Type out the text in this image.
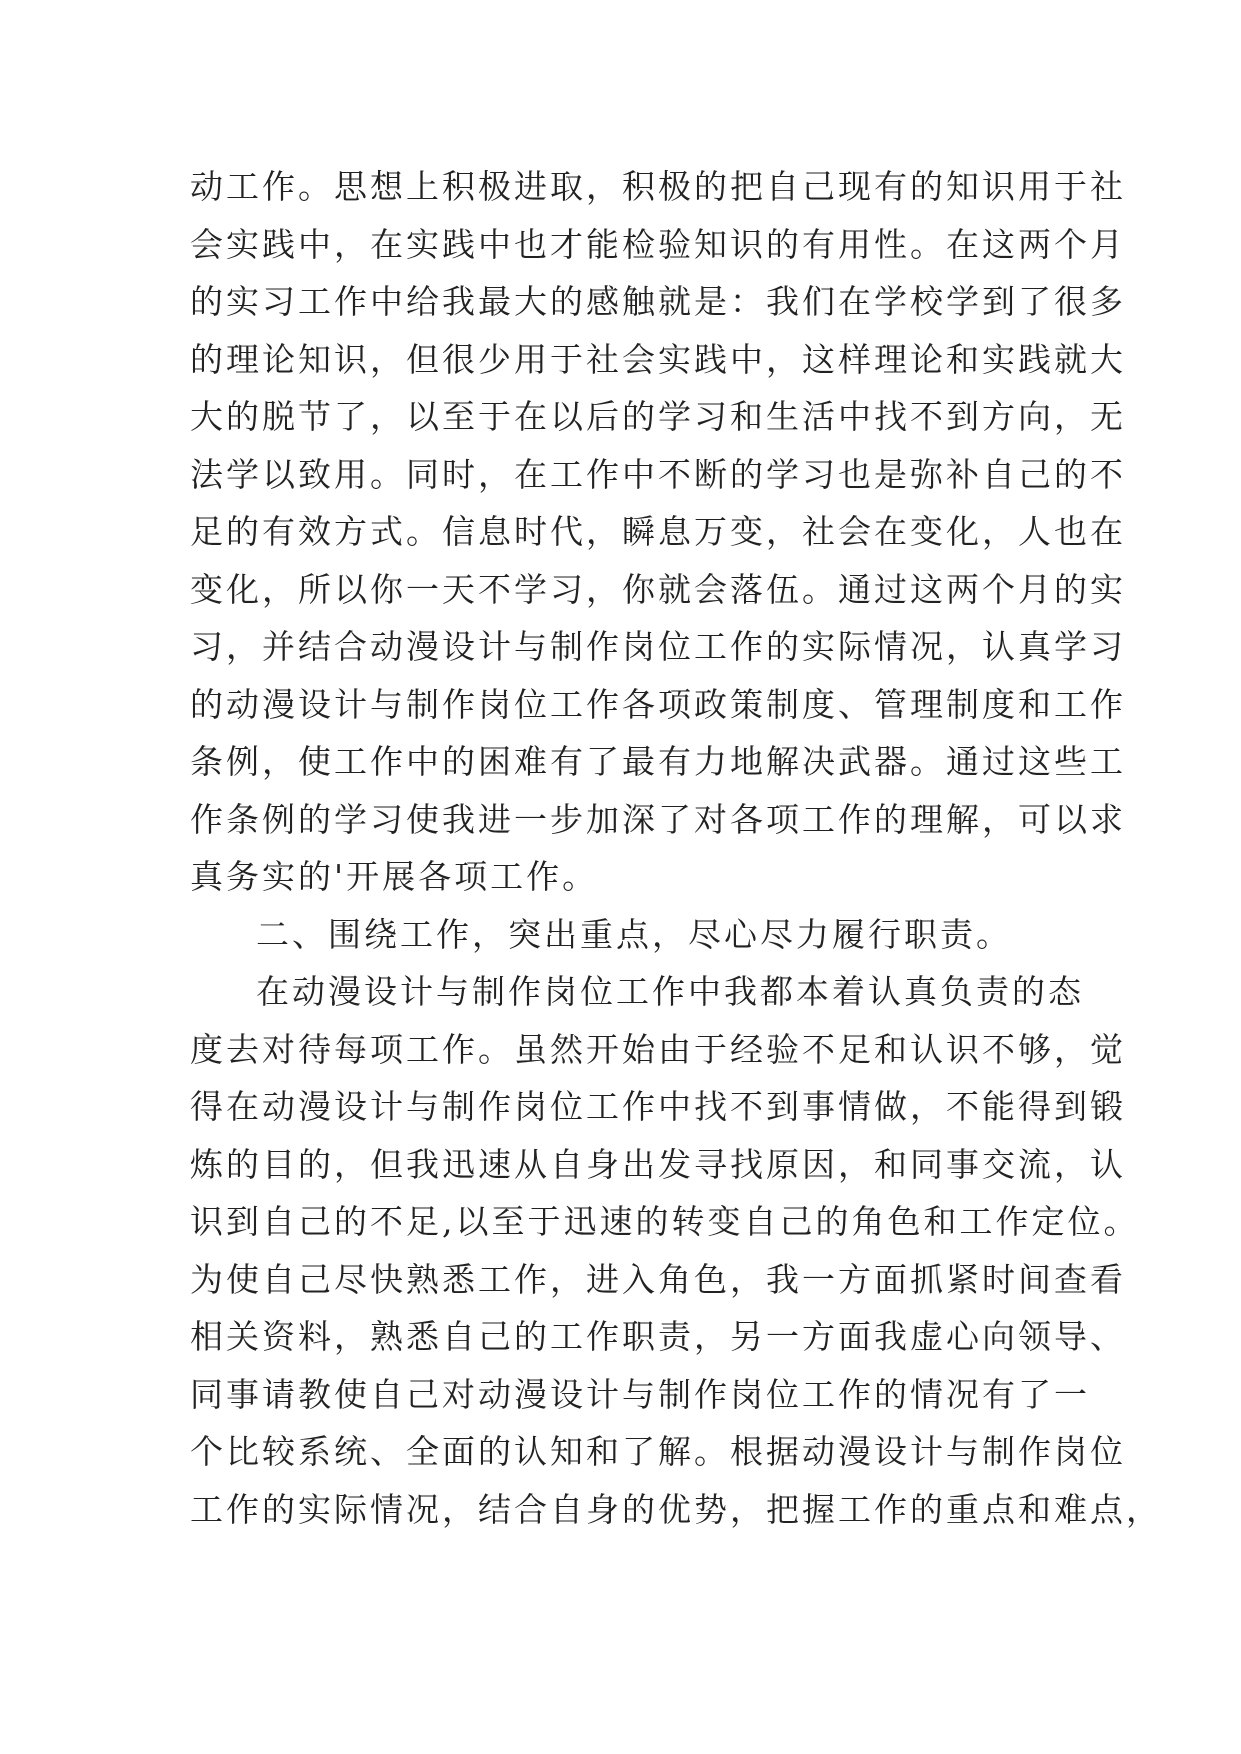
动工作。思想上积极进取，积极的把自己现有的知识用于社
会实践中，在实践中也才能检验知识的有用性。在这两个月
的实习工作中给我最大的感触就是：我们在学校学到了很多
的理论知识，但很少用于社会实践中，这样理论和实践就大
大的脱节了，以至于在以后的学习和生活中找不到方向，无
法学以致用。同时，在工作中不断的学习也是弥补自己的不
足的有效方式。信息时代，瞬息万变，社会在变化，人也在
变化，所以你一天不学习，你就会落伍。通过这两个月的实
习，并结合动漫设计与制作岗位工作的实际情况，认真学习
的动漫设计与制作岗位工作各项政策制度、管理制度和工作
条例，使工作中的困难有了最有力地解决武器。通过这些工
作条例的学习使我进一步加深了对各项工作的理解，可以求
真务实的'开展各项工作。
二、围绕工作，突出重点，尽心尽力履行职责。
在动漫设计与制作岗位工作中我都本着认真负责的态
度去对待每项工作。虽然开始由于经验不足和认识不够，觉
得在动漫设计与制作岗位工作中找不到事情做，不能得到锻
炼的目的，但我迅速从自身出发寻找原因，和同事交流，认
识到自己的不足,以至于迅速的转变自己的角色和工作定位。
为使自己尽快熟悉工作，进入角色，我一方面抓紧时间查看
相关资料，熟悉自己的工作职责，另一方面我虚心向领导、
同事请教使自己对动漫设计与制作岗位工作的情况有了一
个比较系统、全面的认知和了解。根据动漫设计与制作岗位
工作的实际情况，结合自身的优势，把握工作的重点和难点，
